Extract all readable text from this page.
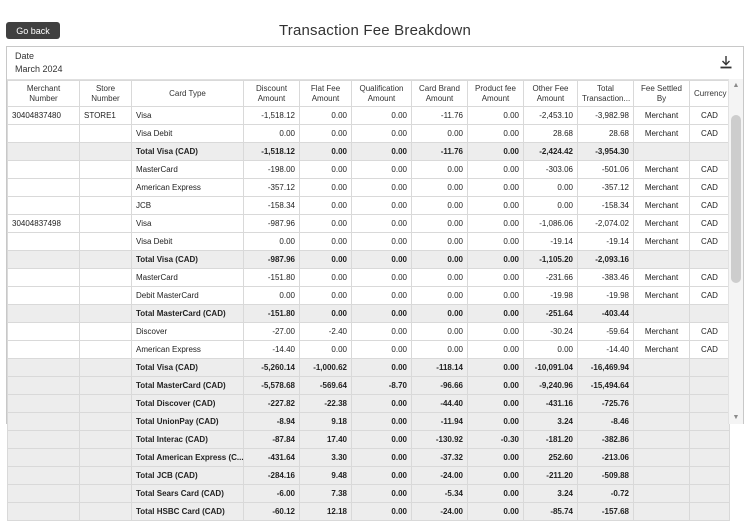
Go back	Transaction Fee Breakdown
Date
March 2024
Merchant Number	Store Number	Card Type	Discount Amount	Flat Fee Amount	Qualification Amount	Card Brand Amount	Product fee Amount	Other Fee Amount	Total Transaction...	Fee Settled By	Currency
30404837480	STORE1	Visa	-1,518.12	0.00	0.00	-11.76	0.00	-2,453.10	-3,982.98	Merchant	CAD
		Visa Debit	0.00	0.00	0.00	0.00	0.00	28.68	28.68	Merchant	CAD
		Total Visa (CAD)	-1,518.12	0.00	0.00	-11.76	0.00	-2,424.42	-3,954.30		
		MasterCard	-198.00	0.00	0.00	0.00	0.00	-303.06	-501.06	Merchant	CAD
		American Express	-357.12	0.00	0.00	0.00	0.00	0.00	-357.12	Merchant	CAD
		JCB	-158.34	0.00	0.00	0.00	0.00	0.00	-158.34	Merchant	CAD
30404837498		Visa	-987.96	0.00	0.00	0.00	0.00	-1,086.06	-2,074.02	Merchant	CAD
		Visa Debit	0.00	0.00	0.00	0.00	0.00	-19.14	-19.14	Merchant	CAD
		Total Visa (CAD)	-987.96	0.00	0.00	0.00	0.00	-1,105.20	-2,093.16		
		MasterCard	-151.80	0.00	0.00	0.00	0.00	-231.66	-383.46	Merchant	CAD
		Debit MasterCard	0.00	0.00	0.00	0.00	0.00	-19.98	-19.98	Merchant	CAD
		Total MasterCard (CAD)	-151.80	0.00	0.00	0.00	0.00	-251.64	-403.44		
		Discover	-27.00	-2.40	0.00	0.00	0.00	-30.24	-59.64	Merchant	CAD
		American Express	-14.40	0.00	0.00	0.00	0.00	0.00	-14.40	Merchant	CAD
		Total Visa (CAD)	-5,260.14	-1,000.62	0.00	-118.14	0.00	-10,091.04	-16,469.94		
		Total MasterCard (CAD)	-5,578.68	-569.64	-8.70	-96.66	0.00	-9,240.96	-15,494.64		
		Total Discover (CAD)	-227.82	-22.38	0.00	-44.40	0.00	-431.16	-725.76		
		Total UnionPay (CAD)	-8.94	9.18	0.00	-11.94	0.00	3.24	-8.46		
		Total Interac (CAD)	-87.84	17.40	0.00	-130.92	-0.30	-181.20	-382.86		
		Total American Express (C...	-431.64	3.30	0.00	-37.32	0.00	252.60	-213.06		
		Total JCB (CAD)	-284.16	9.48	0.00	-24.00	0.00	-211.20	-509.88		
		Total Sears Card (CAD)	-6.00	7.38	0.00	-5.34	0.00	3.24	-0.72		
		Total HSBC Card (CAD)	-60.12	12.18	0.00	-24.00	0.00	-85.74	-157.68		
▲
▼
